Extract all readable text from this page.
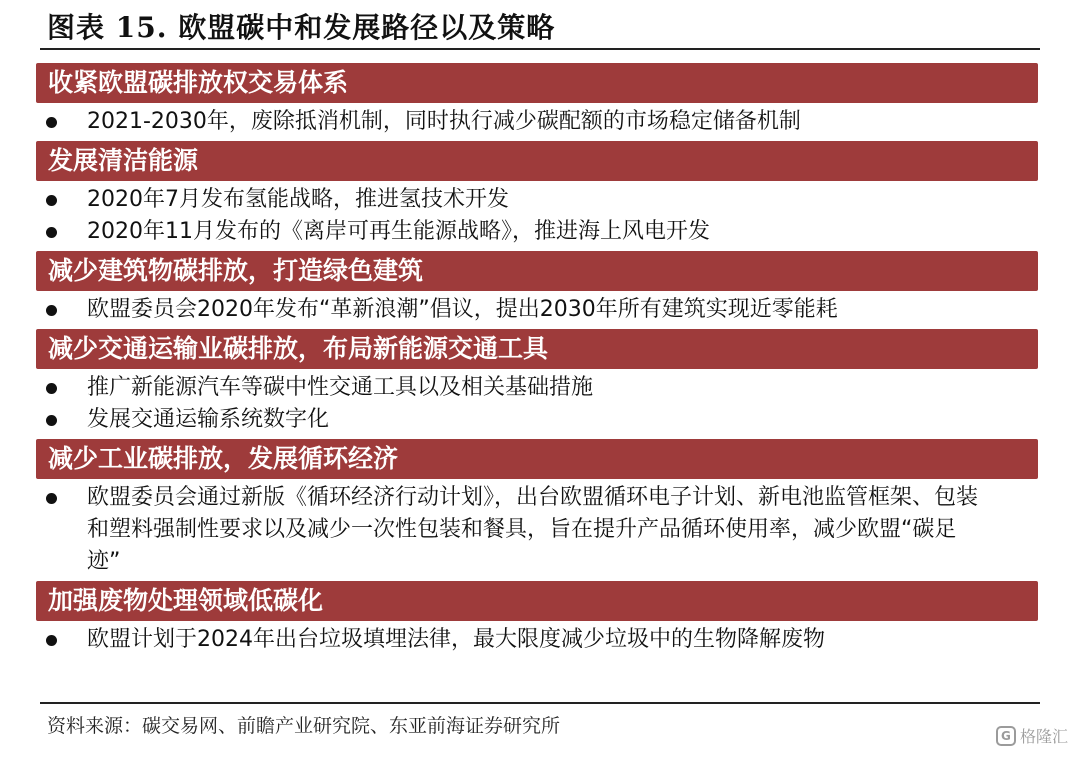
图表 15. 欧盟碳中和发展路径以及策略
收紧欧盟碳排放权交易体系
2021-2030年，废除抵消机制，同时执行减少碳配额的市场稳定储备机制
发展清洁能源
2020年7月发布氢能战略，推进氢技术开发
2020年11月发布的《离岸可再生能源战略》，推进海上风电开发
减少建筑物碳排放，打造绿色建筑
欧盟委员会2020年发布“革新浪潮”倡议，提出2030年所有建筑实现近零能耗
减少交通运输业碳排放，布局新能源交通工具
推广新能源汽车等碳中性交通工具以及相关基础措施
发展交通运输系统数字化
减少工业碳排放，发展循环经济
欧盟委员会通过新版《循环经济行动计划》，出台欧盟循环电子计划、新电池监管框架、包装和塑料强制性要求以及减少一次性包装和餐具，旨在提升产品循环使用率，减少欧盟“碳足迹”
加强废物处理领域低碳化
欧盟计划于2024年出台垃圾填埋法律，最大限度减少垃圾中的生物降解废物
资料来源：碳交易网、前瞻产业研究院、东亚前海证券研究所	G 格隆汇
